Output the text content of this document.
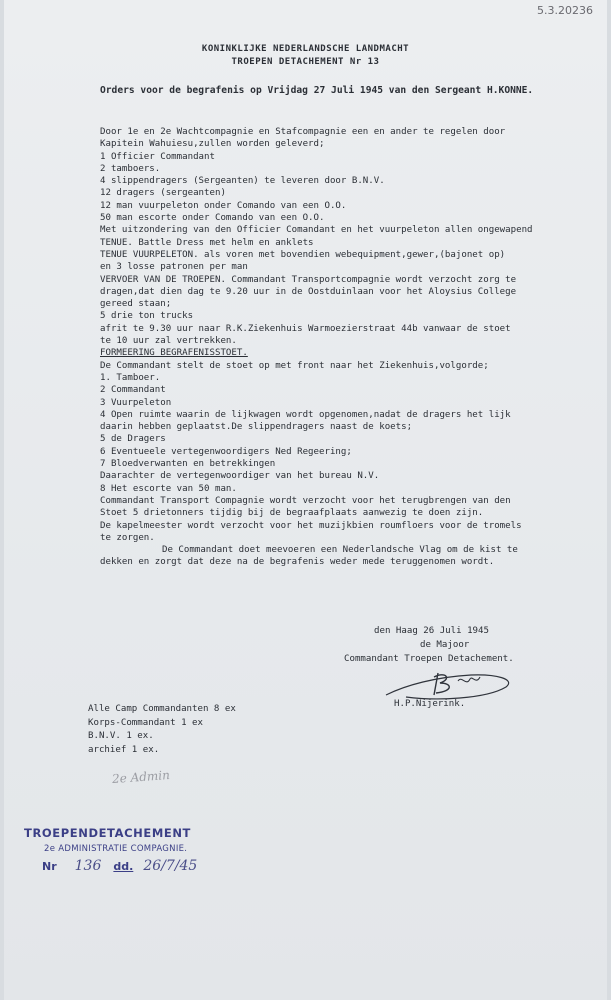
5.3.20236
KONINKLIJKE NEDERLANDSCHE LANDMACHT
TROEPEN DETACHEMENT Nr 13
Orders voor de begrafenis op Vrijdag 27 Juli 1945 van den Sergeant H.KONNE.
Door 1e en 2e Wachtcompagnie en Stafcompagnie een en ander te regelen door
Kapitein Wahuiesu,zullen worden geleverd;
1 Officier Commandant
2 tamboers.
4 slippendragers (Sergeanten) te leveren door B.N.V.
12 dragers (sergeanten)
12 man vuurpeleton onder Comando van een O.O.
50 man escorte onder Comando van een O.O.
Met uitzondering van den Officier Comandant en het vuurpeleton allen ongewapend
TENUE. Battle Dress met helm en anklets
TENUE VUURPELETON. als voren met bovendien webequipment,gewer,(bajonet op)
en 3 losse patronen per man
VERVOER VAN DE TROEPEN. Commandant Transportcompagnie wordt verzocht zorg te
dragen,dat dien dag te 9.20 uur in de Oostduinlaan voor het Aloysius College
gereed staan;
5 drie ton trucks
afrit te 9.30 uur naar R.K.Ziekenhuis Warmoezierstraat 44b vanwaar de stoet
te 10 uur zal vertrekken.
FORMEERING BEGRAFENISSTOET.
De Commandant stelt de stoet op met front naar het Ziekenhuis,volgorde;
1. Tamboer.
2 Commandant
3 Vuurpeleton
4 Open ruimte waarin de lijkwagen wordt opgenomen,nadat de dragers het lijk
daarin hebben geplaatst.De slippendragers naast de koets;
5 de Dragers
6 Eventueele vertegenwoordigers Ned Regeering;
7 Bloedverwanten en betrekkingen
Daarachter de vertegenwoordiger van het bureau N.V.
8 Het escorte van 50 man.
Commandant Transport Compagnie wordt verzocht voor het terugbrengen van den
Stoet 5 drietonners tijdig bij de begraafplaats aanwezig te doen zijn.
De kapelmeester wordt verzocht voor het muzijkbien roumfloers voor de tromels
te zorgen.
De Commandant doet meevoeren een Nederlandsche Vlag om de kist te
dekken en zorgt dat deze na de begrafenis weder mede teruggenomen wordt.
den Haag 26 Juli 1945
de Majoor
Commandant Troepen Detachement.
H.P.Nijerink.
Alle Camp Commandanten 8 ex
Korps-Commandant 1 ex
B.N.V. 1 ex.
archief 1 ex.
2e Admin
TROEPENDETACHEMENT
2e ADMINISTRATIE COMPAGNIE.
Nr 136 dd. 26/7/45
